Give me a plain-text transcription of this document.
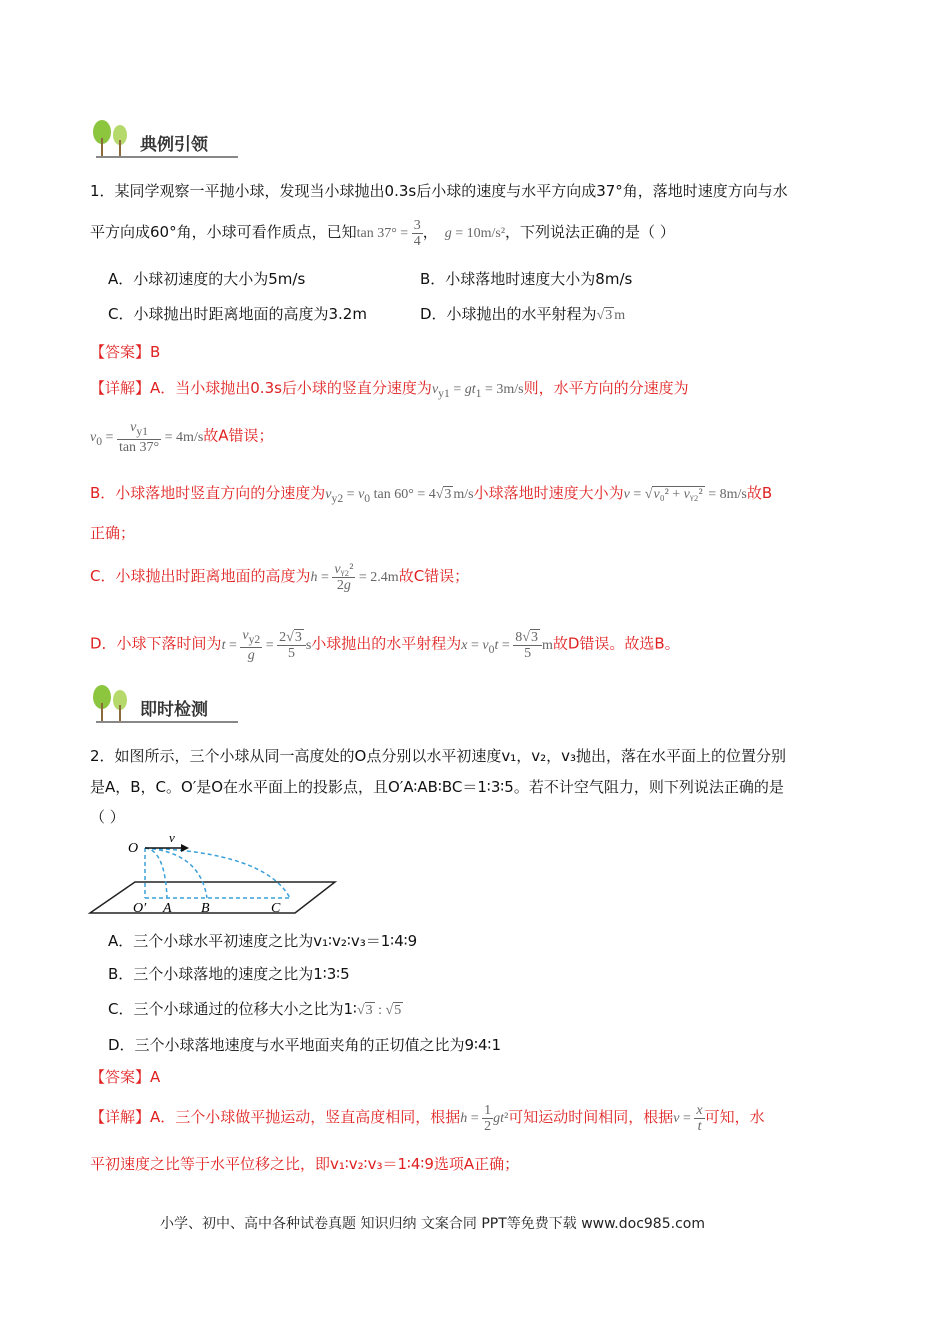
典例引领

1．某同学观察一平抛小球，发现当小球抛出0.3s后小球的速度与水平方向成37°角，落地时速度方向与水

平方向成60°角，小球可看作质点，已知$\tan 37^\circ = \frac{3}{4}$ ， g = 10m/s²，下列说法正确的是（ ）

A．小球初速度的大小为5m/s	B．小球落地时速度大小为8m/s

C．小球抛出时距离地面的高度为3.2m	D．小球抛出的水平射程为√3 m

【答案】B

【详解】A．当小球抛出0.3s后小球的竖直分速度为$v_{y1} = gt_1 = 3m/s$则，水平方向的分速度为
$v_0 = \frac{v_{y1}}{\tan 37^\circ} = 4m/s$故A错误；
B．小球落地时竖直方向的分速度为$v_{y2} = v_0$ tan 60° = 4√3 m/s小球落地时速度大小为v = √v₀² + vᵧ₂² = 8m/s故B

正确；

C．小球抛出时距离地面的高度为$h = \frac{\text{vᵧ₂²}}{2g} = 2.4m$故C错误；
D．小球下落时间为$t = \frac{v_{y2}}{g} = \frac{2√3}{5}$ s小球抛出的水平射程为$x = v_0t = \frac{8√3}{5}$ m故D错误。故选B。
即时检测

2．如图所示，三个小球从同一高度处的O点分别以水平初速度v₁，v₂，v₃抛出，落在水平面上的位置分别

是A，B，C。O′是O在水平面上的投影点，且O′A∶AB∶BC＝1∶3∶5。若不计空气阻力，则下列说法正确的是

（ ）

O
v
O′ A B	C

A．三个小球水平初速度之比为v₁∶v₂∶v₃＝1∶4∶9

B．三个小球落地的速度之比为1∶3∶5

C．三个小球通过的位移大小之比为1∶√3 : √5

D．三个小球落地速度与水平地面夹角的正切值之比为9∶4∶1

【答案】A

【详解】A．三个小球做平抛运动，竖直高度相同，根据$h = \frac{1}{2} gt^2$可知运动时间相同，根据$v = \frac{x}{t}$ 可知，水

平初速度之比等于水平位移之比，即v₁∶v₂∶v₃＝1∶4∶9选项A正确；

小学、初中、高中各种试卷真题 知识归纳 文案合同 PPT等免费下载 www.doc985.com
